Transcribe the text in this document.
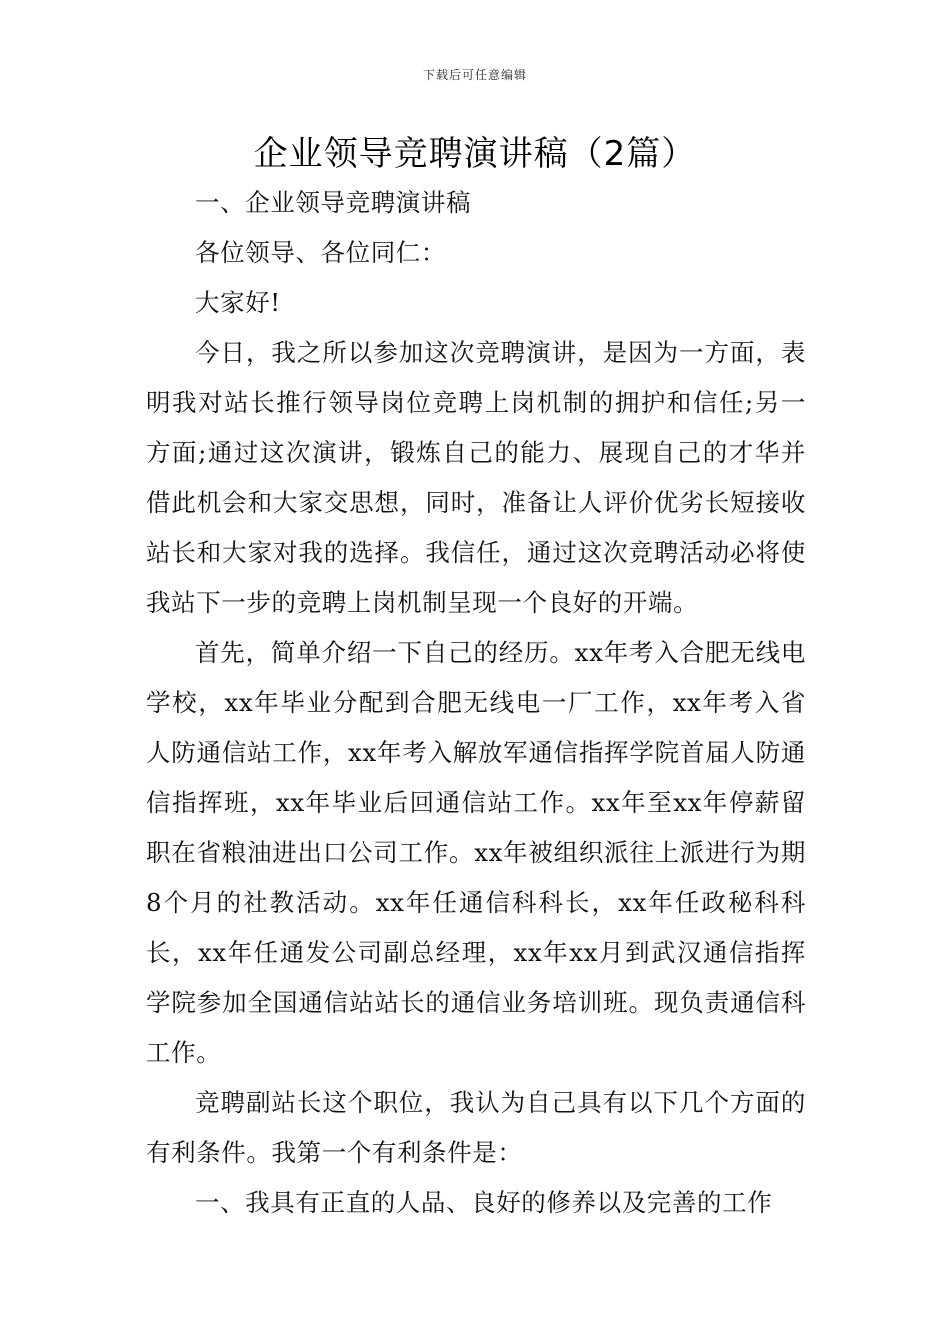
下载后可任意编辑
企业领导竞聘演讲稿（2篇）

一、企业领导竞聘演讲稿

各位领导、各位同仁：

大家好!

今日，我之所以参加这次竞聘演讲，是因为一方面，表明我对站长推行领导岗位竞聘上岗机制的拥护和信任;另一方面;通过这次演讲，锻炼自己的能力、展现自己的才华并借此机会和大家交思想，同时，准备让人评价优劣长短接收站长和大家对我的选择。我信任，通过这次竞聘活动必将使我站下一步的竞聘上岗机制呈现一个良好的开端。

首先，简单介绍一下自己的经历。xx年考入合肥无线电学校，xx年毕业分配到合肥无线电一厂工作，xx年考入省人防通信站工作，xx年考入解放军通信指挥学院首届人防通信指挥班，xx年毕业后回通信站工作。xx年至xx年停薪留职在省粮油进出口公司工作。xx年被组织派往上派进行为期8个月的社教活动。xx年任通信科科长，xx年任政秘科科长，xx年任通发公司副总经理，xx年xx月到武汉通信指挥学院参加全国通信站站长的通信业务培训班。现负责通信科工作。

竞聘副站长这个职位，我认为自己具有以下几个方面的有利条件。我第一个有利条件是：

一、我具有正直的人品、良好的修养以及完善的工作
